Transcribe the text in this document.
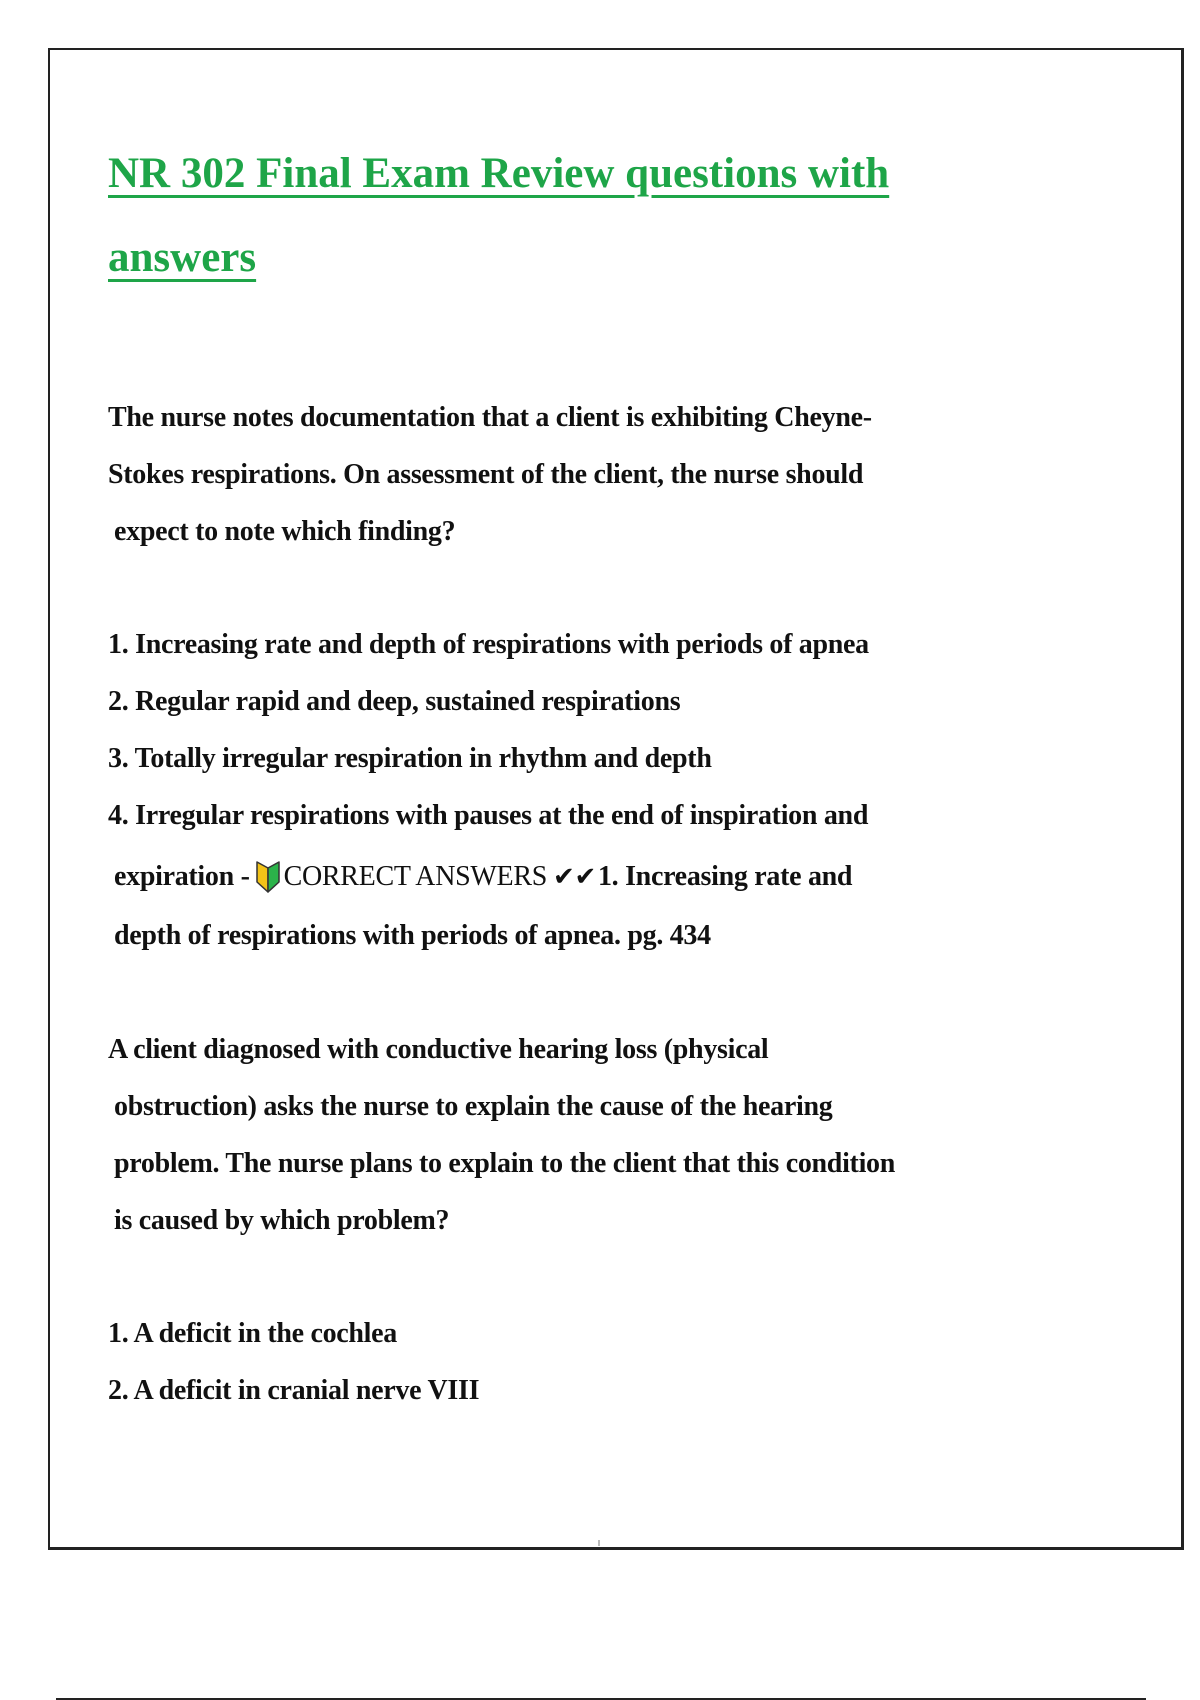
NR 302 Final Exam Review questions with
answers
The nurse notes documentation that a client is exhibiting Cheyne-
Stokes respirations. On assessment of the client, the nurse should
expect to note which finding?
1. Increasing rate and depth of respirations with periods of apnea
2. Regular rapid and deep, sustained respirations
3. Totally irregular respiration in rhythm and depth
4. Irregular respirations with pauses at the end of inspiration and
expiration - CORRECT ANSWERS ✔✔ 1. Increasing rate and
depth of respirations with periods of apnea. pg. 434
A client diagnosed with conductive hearing loss (physical
obstruction) asks the nurse to explain the cause of the hearing
problem. The nurse plans to explain to the client that this condition
is caused by which problem?
1. A deficit in the cochlea
2. A deficit in cranial nerve VIII
